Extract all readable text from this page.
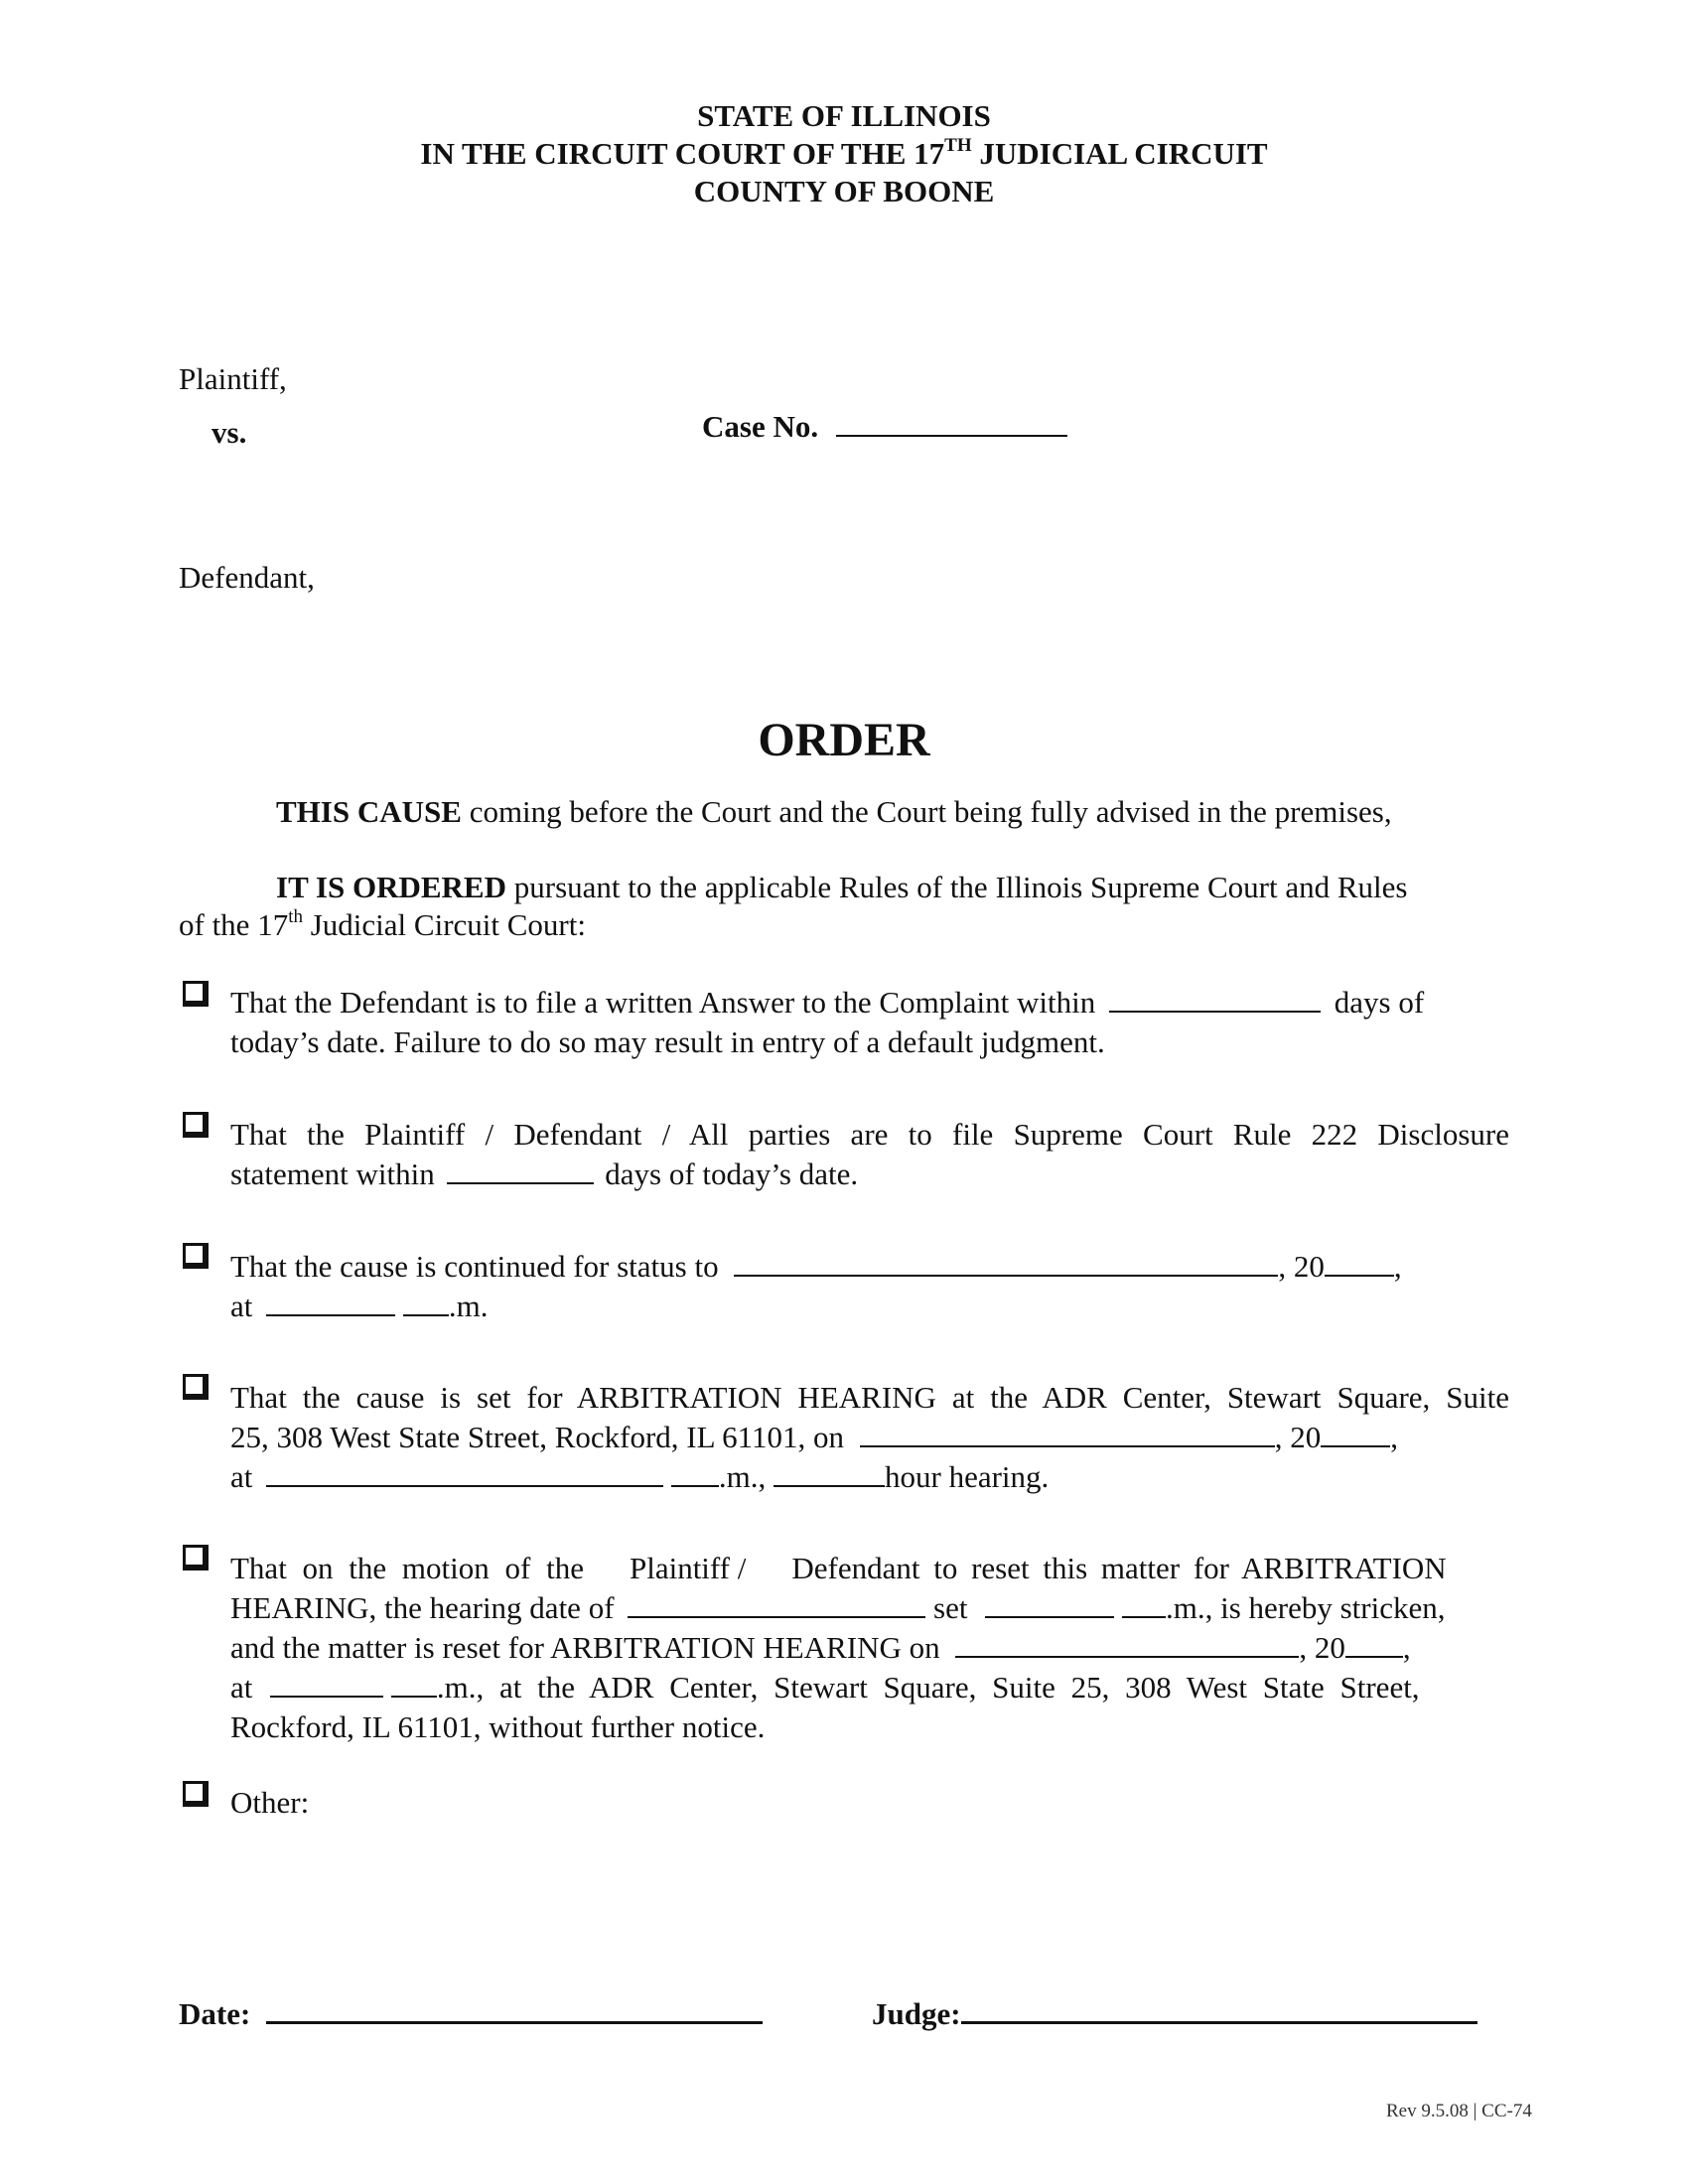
STATE OF ILLINOIS
IN THE CIRCUIT COURT OF THE 17TH JUDICIAL CIRCUIT
COUNTY OF BOONE
Plaintiff,
vs.	Case No.
Defendant,
ORDER
THIS CAUSE coming before the Court and the Court being fully advised in the premises,
IT IS ORDERED pursuant to the applicable Rules of the Illinois Supreme Court and Rules
of the 17th Judicial Circuit Court:
That the Defendant is to file a written Answer to the Complaint within	days of
today’s date. Failure to do so may result in entry of a default judgment.
That the Plaintiff / Defendant / All parties are to file Supreme Court Rule 222 Disclosure
statement within	days of today’s date.
That the cause is continued for status to	, 20 ,
at	.m.
That the cause is set for ARBITRATION HEARING at the ADR Center, Stewart Square, Suite
25, 308 West State Street, Rockford, IL 61101, on	, 20 ,
at	.m.,	hour hearing.
That on the motion of the Plaintiff / Defendant to reset this matter for ARBITRATION
HEARING, the hearing date of	set	.m., is hereby stricken,
and the matter is reset for ARBITRATION HEARING on	, 20 ,
at	.m., at the ADR Center, Stewart Square, Suite 25, 308 West State Street,
Rockford, IL 61101, without further notice.
Other:
Date:	Judge:
Rev 9.5.08 | CC-74
